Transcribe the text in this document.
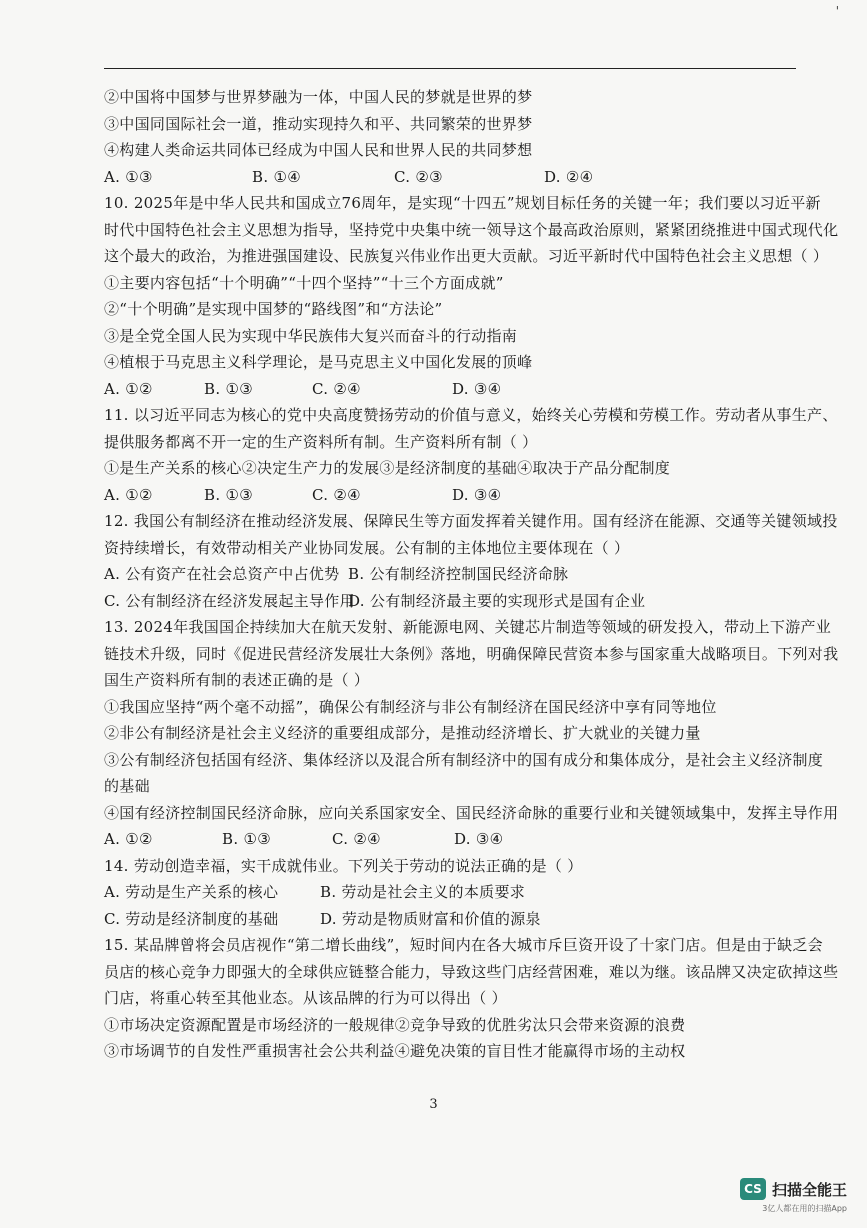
'
②中国将中国梦与世界梦融为一体，中国人民的梦就是世界的梦
③中国同国际社会一道，推动实现持久和平、共同繁荣的世界梦
④构建人类命运共同体已经成为中国人民和世界人民的共同梦想
A. ①③	B. ①④	C. ②③	D. ②④
10. 2025年是中华人民共和国成立76周年，是实现“十四五”规划目标任务的关键一年；我们要以习近平新
时代中国特色社会主义思想为指导，坚持党中央集中统一领导这个最高政治原则，紧紧团绕推进中国式现代化
这个最大的政治，为推进强国建设、民族复兴伟业作出更大贡献。习近平新时代中国特色社会主义思想（ ）
①主要内容包括“十个明确”“十四个坚持”“十三个方面成就”
②“十个明确”是实现中国梦的“路线图”和“方法论”
③是全党全国人民为实现中华民族伟大复兴而奋斗的行动指南
④植根于马克思主义科学理论，是马克思主义中国化发展的顶峰
A. ①②	B. ①③	C. ②④	D. ③④
11. 以习近平同志为核心的党中央高度赞扬劳动的价值与意义，始终关心劳模和劳模工作。劳动者从事生产、
提供服务都离不开一定的生产资料所有制。生产资料所有制（ ）
①是生产关系的核心②决定生产力的发展③是经济制度的基础④取决于产品分配制度
A. ①②	B. ①③	C. ②④	D. ③④
12. 我国公有制经济在推动经济发展、保障民生等方面发挥着关键作用。国有经济在能源、交通等关键领域投
资持续增长，有效带动相关产业协同发展。公有制的主体地位主要体现在（ ）
A. 公有资产在社会总资产中占优势 B. 公有制经济控制国民经济命脉
C. 公有制经济在经济发展起主导作用
D. 公有制经济最主要的实现形式是国有企业
13. 2024年我国国企持续加大在航天发射、新能源电网、关键芯片制造等领域的研发投入，带动上下游产业
链技术升级，同时《促进民营经济发展壮大条例》落地，明确保障民营资本参与国家重大战略项目。下列对我
国生产资料所有制的表述正确的是（ ）
①我国应坚持“两个毫不动摇”，确保公有制经济与非公有制经济在国民经济中享有同等地位
②非公有制经济是社会主义经济的重要组成部分，是推动经济增长、扩大就业的关键力量
③公有制经济包括国有经济、集体经济以及混合所有制经济中的国有成分和集体成分，是社会主义经济制度
的基础
④国有经济控制国民经济命脉，应向关系国家安全、国民经济命脉的重要行业和关键领域集中，发挥主导作用
A. ①②	B. ①③	C. ②④	D. ③④
14. 劳动创造幸福，实干成就伟业。下列关于劳动的说法正确的是（ ）
A. 劳动是生产关系的核心	B. 劳动是社会主义的本质要求
C. 劳动是经济制度的基础	D. 劳动是物质财富和价值的源泉
15. 某品牌曾将会员店视作“第二增长曲线”，短时间内在各大城市斥巨资开设了十家门店。但是由于缺乏会
员店的核心竞争力即强大的全球供应链整合能力，导致这些门店经营困难，难以为继。该品牌又决定砍掉这些
门店，将重心转至其他业态。从该品牌的行为可以得出（ ）
①市场决定资源配置是市场经济的一般规律②竞争导致的优胜劣汰只会带来资源的浪费
③市场调节的自发性严重损害社会公共利益④避免决策的盲目性才能赢得市场的主动权
3
CS 扫描全能王
3亿人都在用的扫描App
